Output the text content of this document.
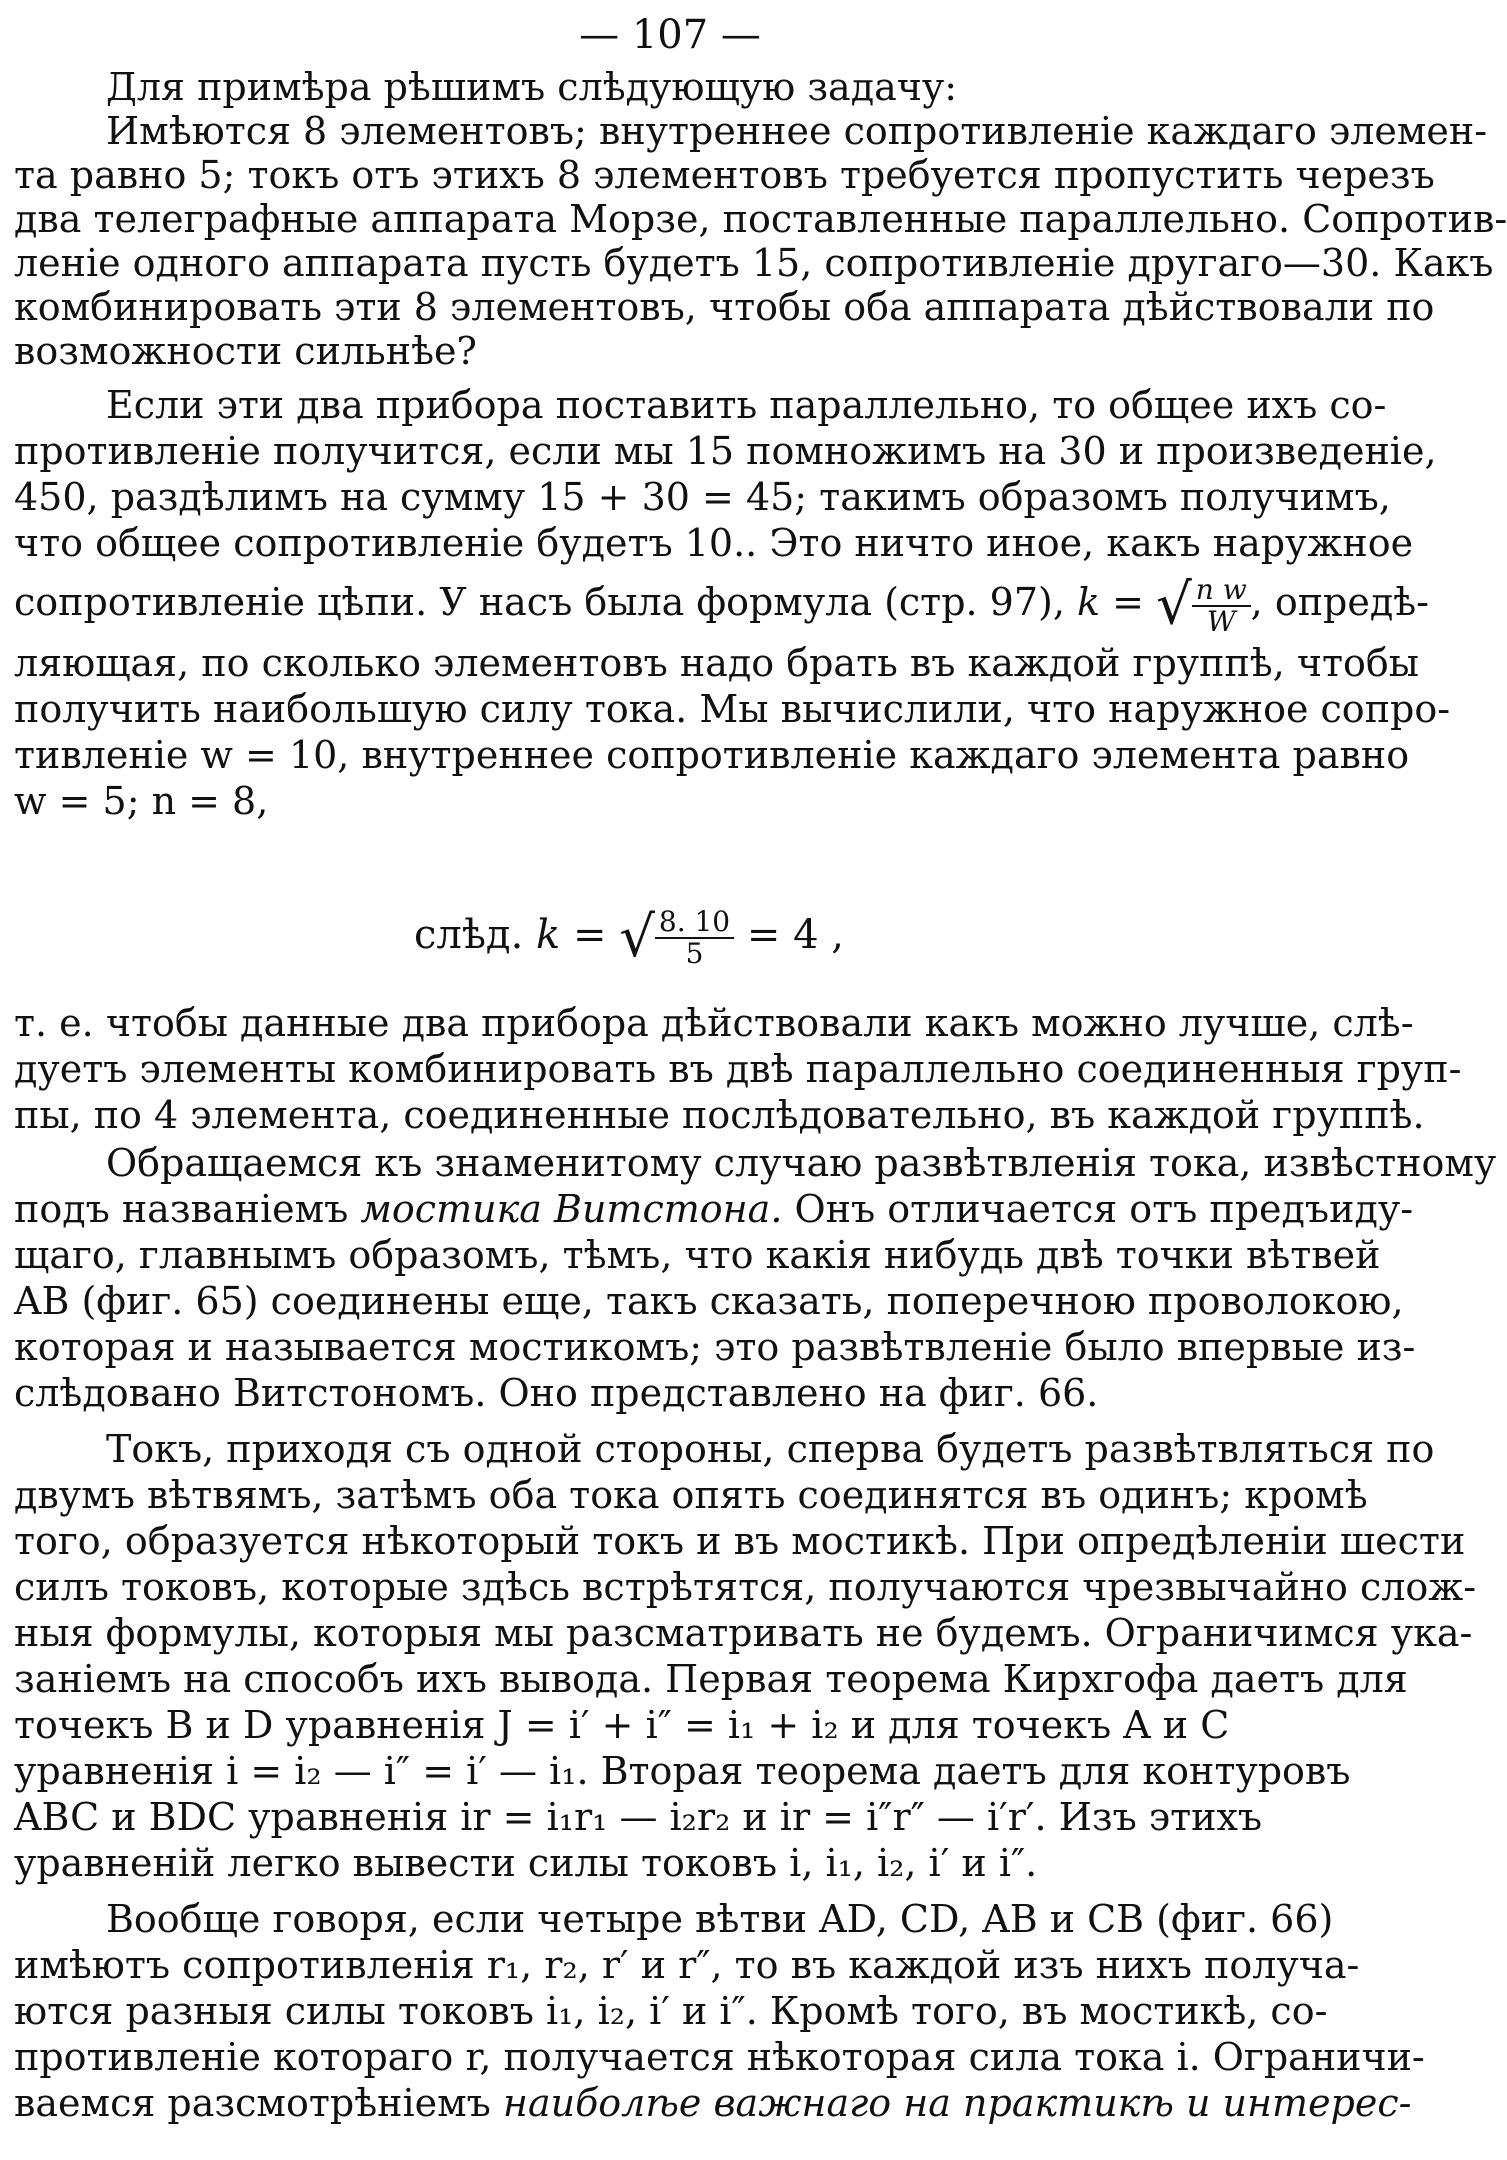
— 107 —
Для примѣра рѣшимъ слѣдующую задачу:
Имѣются 8 элементовъ; внутреннее сопротивленіе каждаго элемен-
та равно 5; токъ отъ этихъ 8 элементовъ требуется пропустить черезъ
два телеграфные аппарата Морзе, поставленные параллельно. Сопротив-
леніе одного аппарата пусть будетъ 15, сопротивленіе другаго—30. Какъ
комбинировать эти 8 элементовъ, чтобы оба аппарата дѣйствовали по
возможности сильнѣе?
Если эти два прибора поставить параллельно, то общее ихъ со-
противленіе получится, если мы 15 помножимъ на 30 и произведеніе,
450, раздѣлимъ на сумму 15 + 30 = 45; такимъ образомъ получимъ,
что общее сопротивленіе будетъ 10.. Это ничто иное, какъ наружное
сопротивленіе цѣпи. У насъ была формула (стр. 97), k = √ $\frac{\text{n w}}{W}$ , опредѣ-
ляющая, по сколько элементовъ надо брать въ каждой группѣ, чтобы
получить наибольшую силу тока. Мы вычислили, что наружное сопро-
тивленіе w = 10, внутреннее сопротивленіе каждаго элемента равно
w = 5; n = 8,
слѣд. k = √ $\frac{8. 10}{5} = 4$ ,
т. е. чтобы данные два прибора дѣйствовали какъ можно лучше, слѣ-
дуетъ элементы комбинировать въ двѣ параллельно соединенныя груп-
пы, по 4 элемента, соединенные послѣдовательно, въ каждой группѣ.
Обращаемся къ знаменитому случаю развѣтвленія тока, извѣстному
подъ названіемъ мостика Витстона. Онъ отличается отъ предъиду-
щаго, главнымъ образомъ, тѣмъ, что какія нибудь двѣ точки вѣтвей
AB (фиг. 65) соединены еще, такъ сказать, поперечною проволокою,
которая и называется мостикомъ; это развѣтвленіе было впервые из-
слѣдовано Витстономъ. Оно представлено на фиг. 66.
Токъ, приходя съ одной стороны, сперва будетъ развѣтвляться по
двумъ вѣтвямъ, затѣмъ оба тока опять соединятся въ одинъ; кромѣ
того, образуется нѣкоторый токъ и въ мостикѣ. При опредѣленіи шести
силъ токовъ, которые здѣсь встрѣтятся, получаются чрезвычайно слож-
ныя формулы, которыя мы разсматривать не будемъ. Ограничимся ука-
заніемъ на способъ ихъ вывода. Первая теорема Кирхгофа даетъ для
точекъ B и D уравненія J = i′ + i″ = i₁ + i₂ и для точекъ A и C
уравненія i = i₂ — i″ = i′ — i₁. Вторая теорема даетъ для контуровъ
ABC и BDC уравненія ir = i₁r₁ — i₂r₂ и ir = i″r″ — i′r′. Изъ этихъ
уравненій легко вывести силы токовъ i, i₁, i₂, i′ и i″.
Вообще говоря, если четыре вѣтви AD, CD, AB и CB (фиг. 66)
имѣютъ сопротивленія r₁, r₂, r′ и r″, то въ каждой изъ нихъ получа-
ются разныя силы токовъ i₁, i₂, i′ и i″. Кромѣ того, въ мостикѣ, со-
противленіе котораго r, получается нѣкоторая сила тока i. Ограничи-
ваемся разсмотрѣніемъ наиболѣе важнаго на практикѣ и интерес-
